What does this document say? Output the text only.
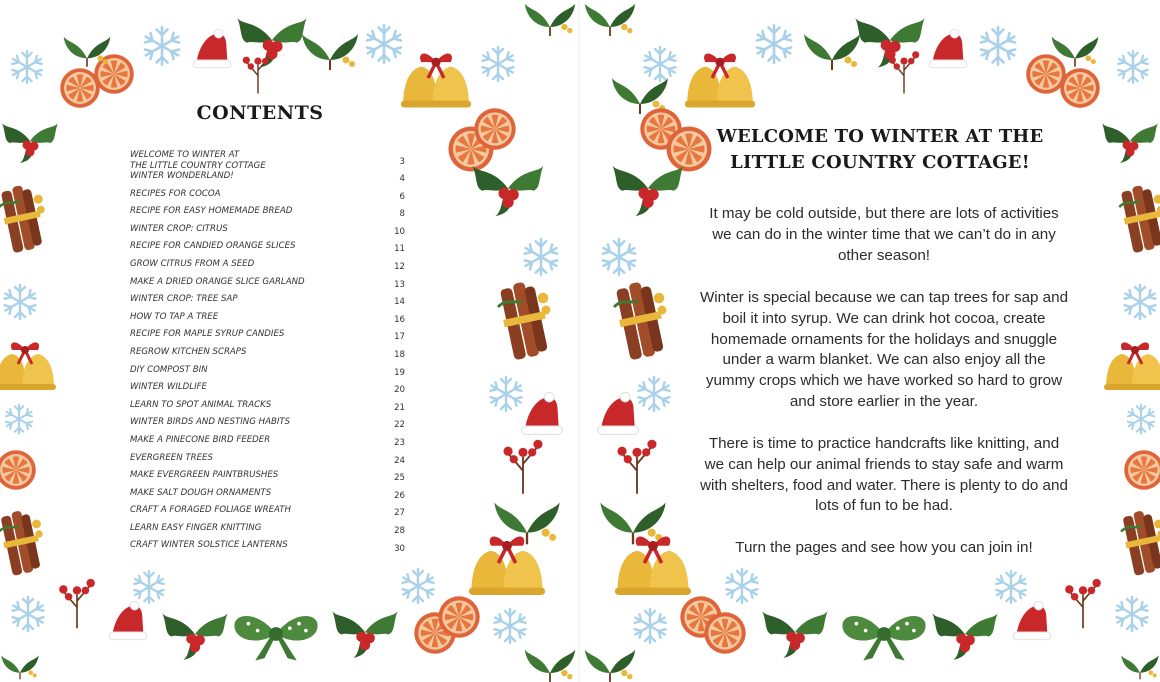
CONTENTS
WELCOME TO WINTER AT
THE LITTLE COUNTRY COTTAGE	3
WINTER WONDERLAND!	4
RECIPES FOR COCOA	6
RECIPE FOR EASY HOMEMADE BREAD	8
WINTER CROP: CITRUS	10
RECIPE FOR CANDIED ORANGE SLICES	11
GROW CITRUS FROM A SEED	12
MAKE A DRIED ORANGE SLICE GARLAND	13
WINTER CROP: TREE SAP	14
HOW TO TAP A TREE	16
RECIPE FOR MAPLE SYRUP CANDIES	17
REGROW KITCHEN SCRAPS	18
DIY COMPOST BIN	19
WINTER WILDLIFE	20
LEARN TO SPOT ANIMAL TRACKS	21
WINTER BIRDS AND NESTING HABITS	22
MAKE A PINECONE BIRD FEEDER	23
EVERGREEN TREES	24
MAKE EVERGREEN PAINTBRUSHES	25
MAKE SALT DOUGH ORNAMENTS	26
CRAFT A FORAGED FOLIAGE WREATH	27
LEARN EASY FINGER KNITTING	28
CRAFT WINTER SOLSTICE LANTERNS	30
WELCOME TO WINTER AT THE
LITTLE COUNTRY COTTAGE!

It may be cold outside, but there are lots of activities we can do in the winter time that we can’t do in any other season!

Winter is special because we can tap trees for sap and boil it into syrup. We can drink hot cocoa, create homemade ornaments for the holidays and snuggle under a warm blanket. We can also enjoy all the yummy crops which we have worked so hard to grow and store earlier in the year.

There is time to practice handcrafts like knitting, and we can help our animal friends to stay safe and warm with shelters, food and water. There is plenty to do and lots of fun to be had.

Turn the pages and see how you can join in!
